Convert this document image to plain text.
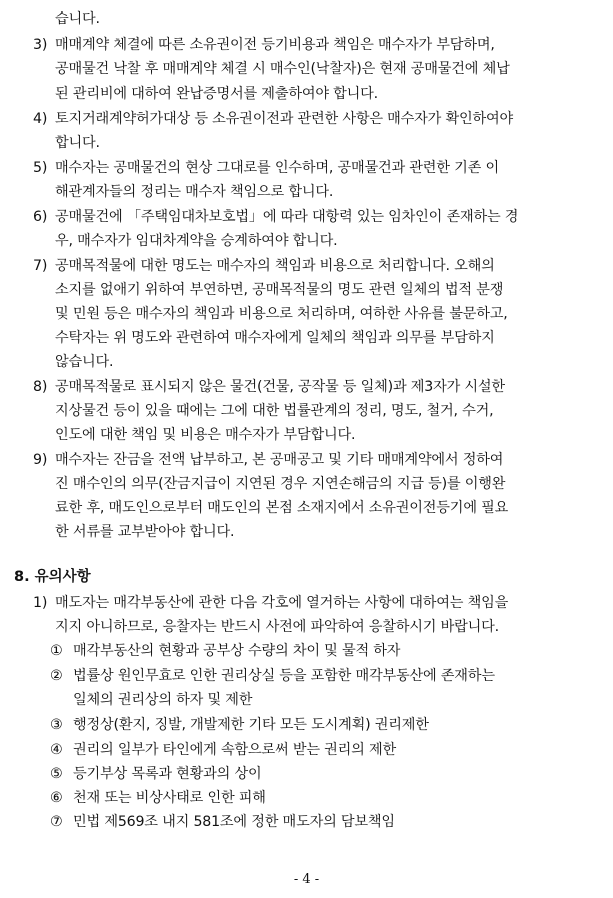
습니다.
3) 매매계약 체결에 따른 소유권이전 등기비용과 책임은 매수자가 부담하며,
공매물건 낙찰 후 매매계약 체결 시 매수인(낙찰자)은 현재 공매물건에 체납
된 관리비에 대하여 완납증명서를 제출하여야 합니다.
4) 토지거래계약허가대상 등 소유권이전과 관련한 사항은 매수자가 확인하여야
합니다.
5) 매수자는 공매물건의 현상 그대로를 인수하며, 공매물건과 관련한 기존 이
해관계자들의 정리는 매수자 책임으로 합니다.
6) 공매물건에 「주택임대차보호법」에 따라 대항력 있는 임차인이 존재하는 경
우, 매수자가 임대차계약을 승계하여야 합니다.
7) 공매목적물에 대한 명도는 매수자의 책임과 비용으로 처리합니다. 오해의
소지를 없애기 위하여 부연하면, 공매목적물의 명도 관련 일체의 법적 분쟁
및 민원 등은 매수자의 책임과 비용으로 처리하며, 여하한 사유를 불문하고,
수탁자는 위 명도와 관련하여 매수자에게 일체의 책임과 의무를 부담하지
않습니다.
8) 공매목적물로 표시되지 않은 물건(건물, 공작물 등 일체)과 제3자가 시설한
지상물건 등이 있을 때에는 그에 대한 법률관계의 정리, 명도, 철거, 수거,
인도에 대한 책임 및 비용은 매수자가 부담합니다.
9) 매수자는 잔금을 전액 납부하고, 본 공매공고 및 기타 매매계약에서 정하여
진 매수인의 의무(잔금지급이 지연된 경우 지연손해금의 지급 등)를 이행완
료한 후, 매도인으로부터 매도인의 본점 소재지에서 소유권이전등기에 필요
한 서류를 교부받아야 합니다.
8. 유의사항
1) 매도자는 매각부동산에 관한 다음 각호에 열거하는 사항에 대하여는 책임을
지지 아니하므로, 응찰자는 반드시 사전에 파악하여 응찰하시기 바랍니다.
① 매각부동산의 현황과 공부상 수량의 차이 및 물적 하자
② 법률상 원인무효로 인한 권리상실 등을 포함한 매각부동산에 존재하는
일체의 권리상의 하자 및 제한
③ 행정상(환지, 징발, 개발제한 기타 모든 도시계획) 권리제한
④ 권리의 일부가 타인에게 속함으로써 받는 권리의 제한
⑤ 등기부상 목록과 현황과의 상이
⑥ 천재 또는 비상사태로 인한 피해
⑦ 민법 제569조 내지 581조에 정한 매도자의 담보책임
- 4 -
